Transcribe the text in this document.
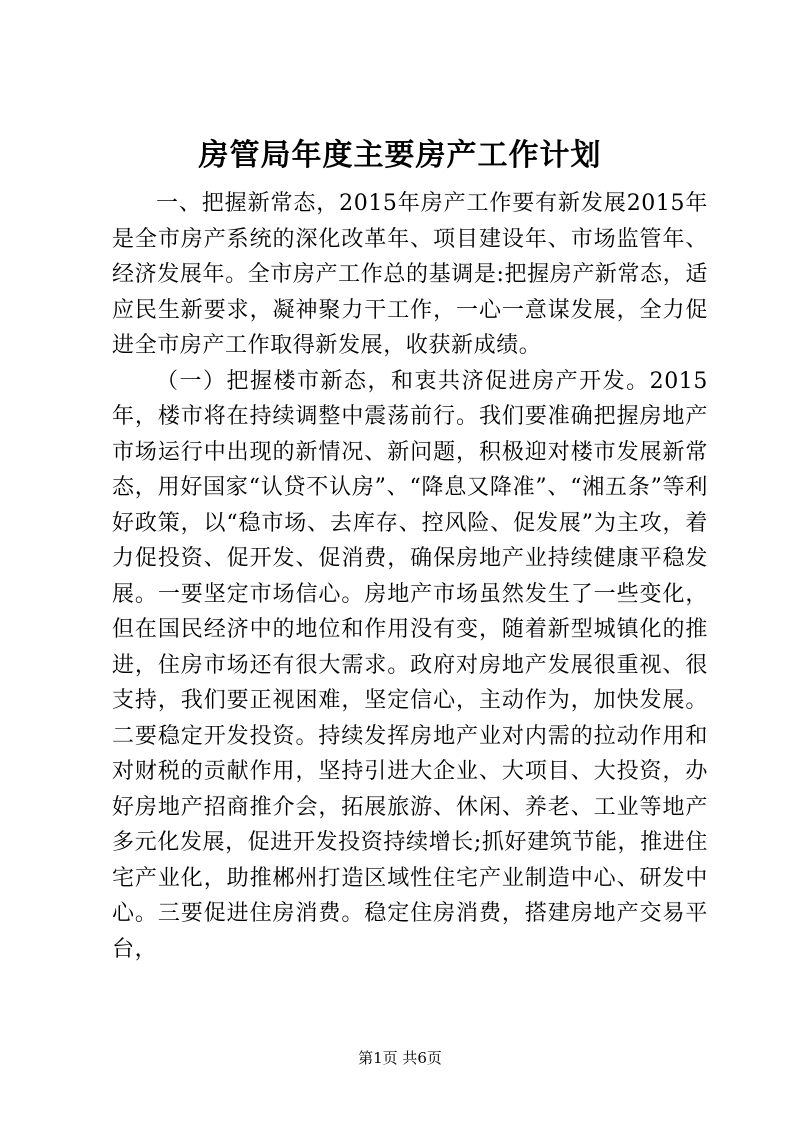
房管局年度主要房产工作计划

一、把握新常态，2015年房产工作要有新发展2015年是全市房产系统的深化改革年、项目建设年、市场监管年、经济发展年。全市房产工作总的基调是:把握房产新常态，适应民生新要求，凝神聚力干工作，一心一意谋发展，全力促进全市房产工作取得新发展，收获新成绩。

（一）把握楼市新态，和衷共济促进房产开发。2015年，楼市将在持续调整中震荡前行。我们要准确把握房地产市场运行中出现的新情况、新问题，积极迎对楼市发展新常态，用好国家“认贷不认房”、“降息又降准”、“湘五条”等利好政策，以“稳市场、去库存、控风险、促发展”为主攻，着力促投资、促开发、促消费，确保房地产业持续健康平稳发展。一要坚定市场信心。房地产市场虽然发生了一些变化，但在国民经济中的地位和作用没有变，随着新型城镇化的推进，住房市场还有很大需求。政府对房地产发展很重视、很支持，我们要正视困难，坚定信心，主动作为，加快发展。二要稳定开发投资。持续发挥房地产业对内需的拉动作用和对财税的贡献作用，坚持引进大企业、大项目、大投资，办好房地产招商推介会，拓展旅游、休闲、养老、工业等地产多元化发展，促进开发投资持续增长;抓好建筑节能，推进住宅产业化，助推郴州打造区域性住宅产业制造中心、研发中心。三要促进住房消费。稳定住房消费，搭建房地产交易平台，

第1页 共6页
